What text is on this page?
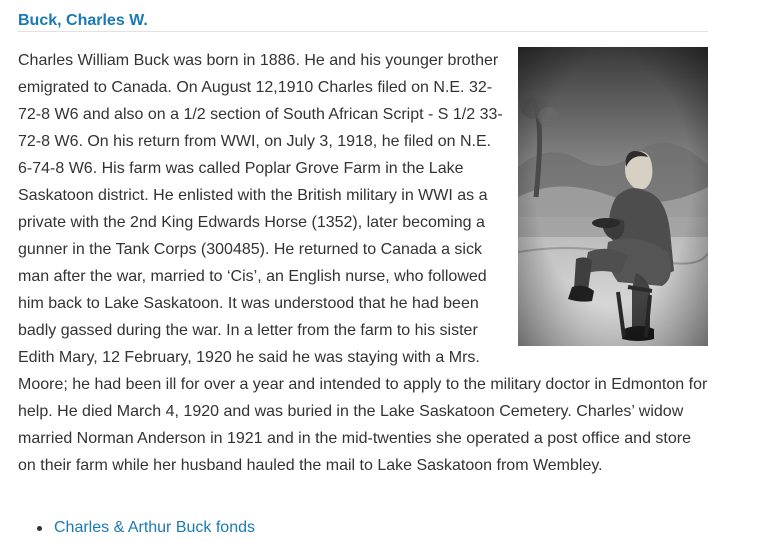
Buck, Charles W.

Charles William Buck was born in 1886. He and his younger brother emigrated to Canada. On August 12,1910 Charles filed on N.E. 32-72-8 W6 and also on a 1/2 section of South African Script - S 1/2 33-72-8 W6. On his return from WWI, on July 3, 1918, he filed on N.E. 6-74-8 W6. His farm was called Poplar Grove Farm in the Lake Saskatoon district. He enlisted with the British military in WWI as a private with the 2nd King Edwards Horse (1352), later becoming a gunner in the Tank Corps (300485). He returned to Canada a sick man after the war, married to ‘Cis’, an English nurse, who followed him back to Lake Saskatoon. It was understood that he had been badly gassed during the war. In a letter from the farm to his sister Edith Mary, 12 February, 1920 he said he was staying with a Mrs. Moore; he had been ill for over a year and intended to apply to the military doctor in Edmonton for help. He died March 4, 1920 and was buried in the Lake Saskatoon Cemetery. Charles’ widow married Norman Anderson in 1921 and in the mid-twenties she operated a post office and store on their farm while her husband hauled the mail to Lake Saskatoon from Wembley.

Charles & Arthur Buck fonds
